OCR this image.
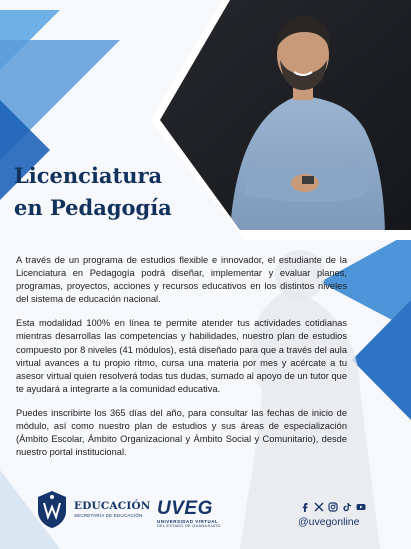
Licenciatura
en Pedagogía

A través de un programa de estudios flexible e innovador, el estudiante de la Licenciatura en Pedagogía podrá diseñar, implementar y evaluar planes, programas, proyectos, acciones y recursos educativos en los distintos niveles del sistema de educación nacional.

Esta modalidad 100% en línea te permite atender tus actividades cotidianas mientras desarrollas las competencias y habilidades, nuestro plan de estudios compuesto por 8 niveles (41 módulos), está diseñado para que a través del aula virtual avances a tu propio ritmo, cursa una materia por mes y acércate a tu asesor virtual quien resolverá todas tus dudas, sumado al apoyo de un tutor que te ayudará a integrarte a la comunidad educativa.

Puedes inscribirte los 365 días del año, para consultar las fechas de inicio de módulo, así como nuestro plan de estudios y sus áreas de especialización (Ámbito Escolar, Ámbito Organizacional y Ámbito Social y Comunitario), desde nuestro portal institucional.

EDUCACIÓN
SECRETARÍA DE EDUCACIÓN UVEG
UNIVERSIDAD VIRTUAL
DEL ESTADO DE GUANAJUATO	@uvegonline
